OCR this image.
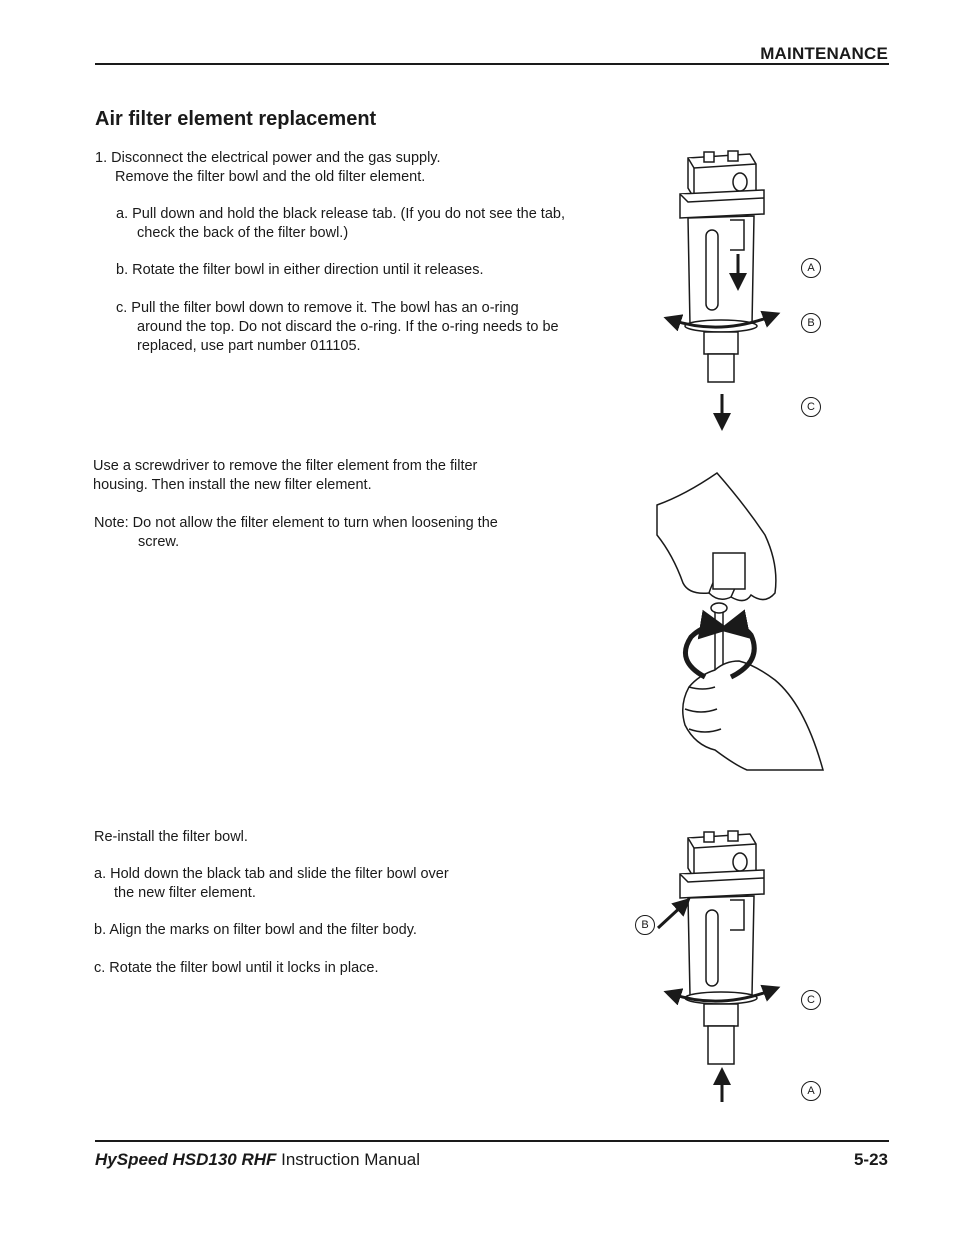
MAINTENANCE
Air filter element replacement

1. Disconnect the electrical power and the gas supply.

Remove the filter bowl and the old filter element.

a. Pull down and hold the black release tab. (If you do not see the tab,

check the back of the filter bowl.)

b. Rotate the filter bowl in either direction until it releases.

c. Pull the filter bowl down to remove it. The bowl has an o-ring

around the top. Do not discard the o-ring. If the o-ring needs to be

replaced, use part number 011105.

Use a screwdriver to remove the filter element from the filter

housing. Then install the new filter element.

Note: Do not allow the filter element to turn when loosening the

screw.

Re-install the filter bowl.

a. Hold down the black tab and slide the filter bowl over

the new filter element.

b. Align the marks on filter bowl and the filter body.

c. Rotate the filter bowl until it locks in place.

A
B
C
B
C
A
HySpeed HSD130 RHF Instruction Manual	5-23
